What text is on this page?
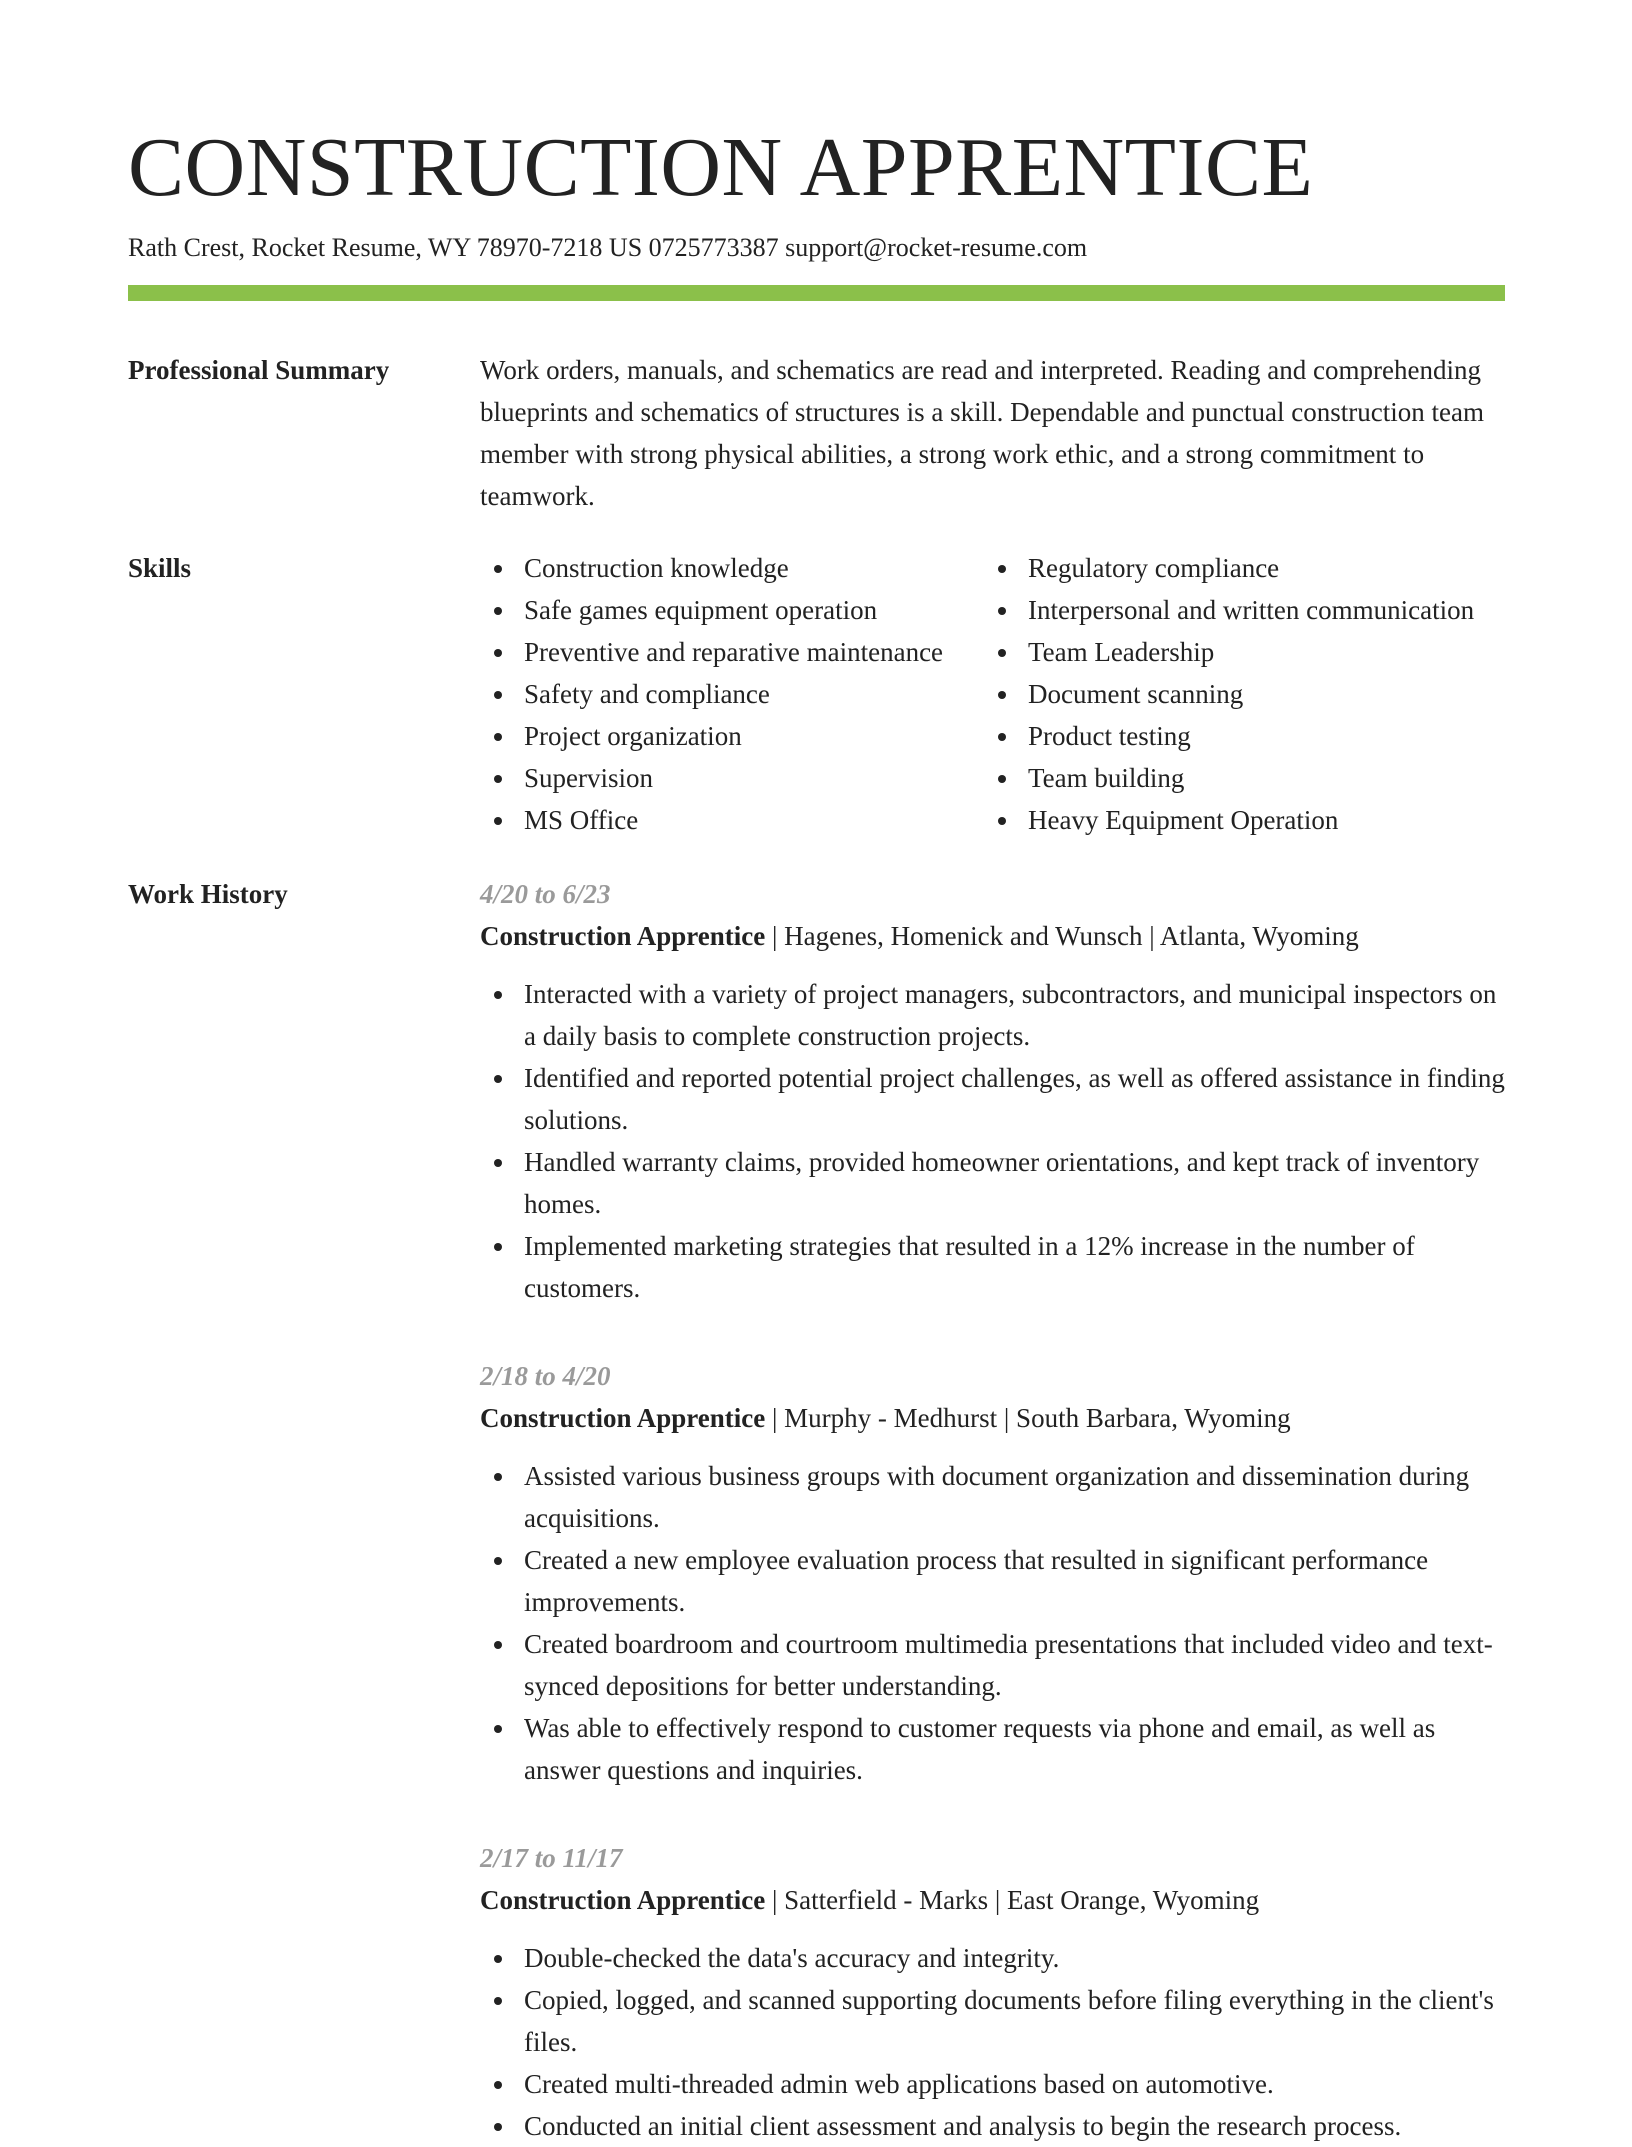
CONSTRUCTION APPRENTICE
Rath Crest, Rocket Resume, WY 78970-7218 US 0725773387 support@rocket-resume.com
Professional Summary	Work orders, manuals, and schematics are read and interpreted. Reading and comprehending blueprints and schematics of structures is a skill. Dependable and punctual construction team member with strong physical abilities, a strong work ethic, and a strong commitment to teamwork.

Skills	Construction knowledge
Safe games equipment operation
Preventive and reparative maintenance
Safety and compliance
Project organization
Supervision
MS Office
Regulatory compliance
Interpersonal and written communication
Team Leadership
Document scanning
Product testing
Team building
Heavy Equipment Operation
Work History	4/20 to 6/23
Construction Apprentice | Hagenes, Homenick and Wunsch | Atlanta, Wyoming
Interacted with a variety of project managers, subcontractors, and municipal inspectors on a daily basis to complete construction projects.
Identified and reported potential project challenges, as well as offered assistance in finding solutions.
Handled warranty claims, provided homeowner orientations, and kept track of inventory homes.
Implemented marketing strategies that resulted in a 12% increase in the number of customers.
2/18 to 4/20
Construction Apprentice | Murphy - Medhurst | South Barbara, Wyoming
Assisted various business groups with document organization and dissemination during acquisitions.
Created a new employee evaluation process that resulted in significant performance improvements.
Created boardroom and courtroom multimedia presentations that included video and text-synced depositions for better understanding.
Was able to effectively respond to customer requests via phone and email, as well as answer questions and inquiries.
2/17 to 11/17
Construction Apprentice | Satterfield - Marks | East Orange, Wyoming
Double-checked the data's accuracy and integrity.
Copied, logged, and scanned supporting documents before filing everything in the client's files.
Created multi-threaded admin web applications based on automotive.
Conducted an initial client assessment and analysis to begin the research process.
